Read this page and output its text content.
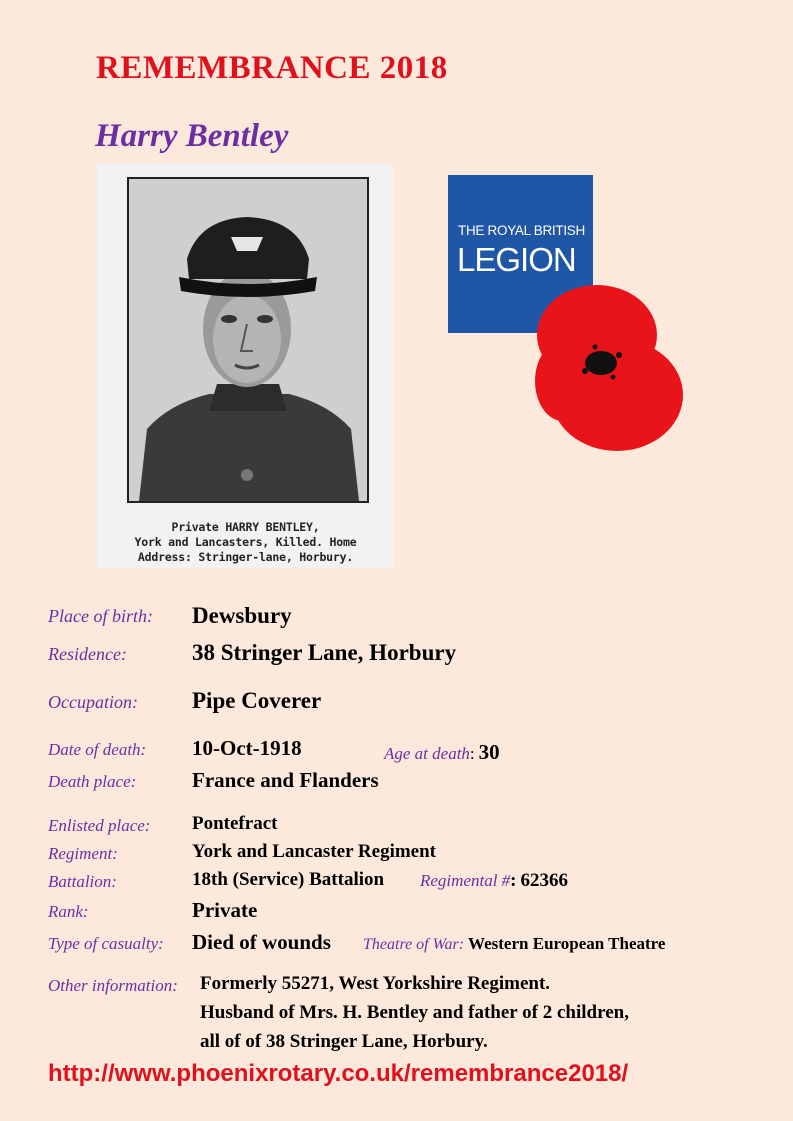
REMEMBRANCE 2018
Harry Bentley
Private HARRY BENTLEY,
York and Lancasters, Killed. Home
Address: Stringer-lane, Horbury.
THE ROYAL BRITISH
LEGION
Place of birth: Dewsbury
Residence:	38 Stringer Lane, Horbury
Occupation: Pipe Coverer
Date of death: 10-Oct-1918	Age at death: 30
Death place:	France and Flanders
Enlisted place: Pontefract
Regiment:	York and Lancaster Regiment
Battalion:	18th (Service) Battalion Regimental #: 62366
Rank:	Private
Type of casualty: Died of wounds Theatre of War: Western European Theatre
Other information: Formerly 55271, West Yorkshire Regiment.
Husband of Mrs. H. Bentley and father of 2 children,
all of of 38 Stringer Lane, Horbury.
http://www.phoenixrotary.co.uk/remembrance2018/
